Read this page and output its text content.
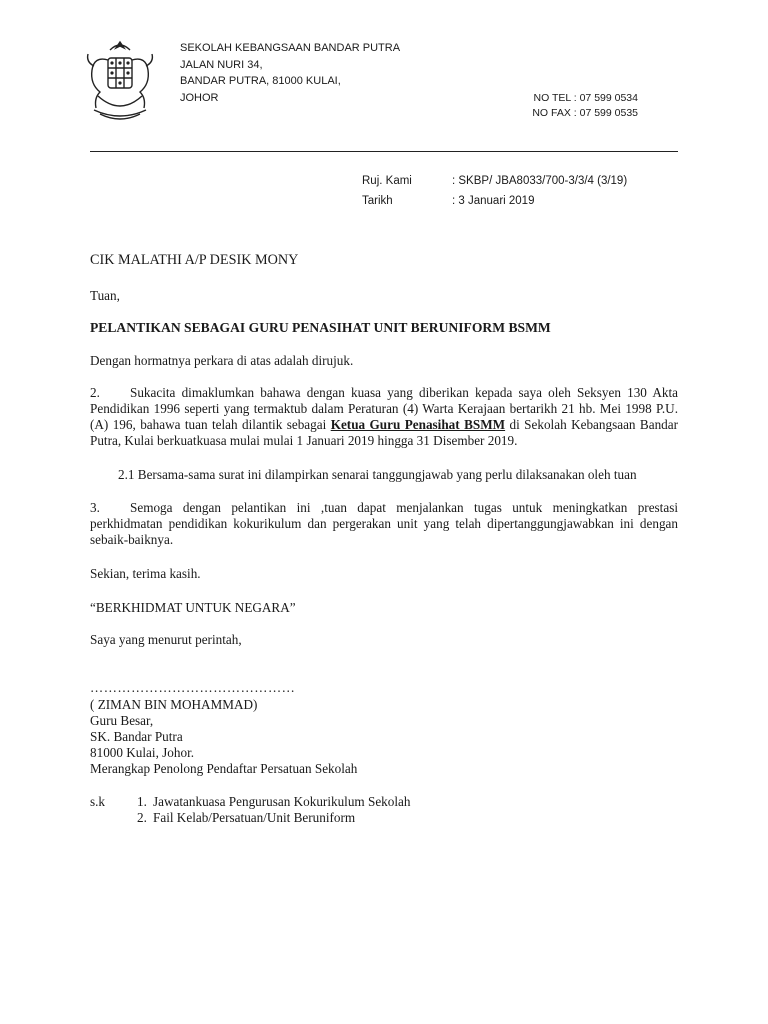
SEKOLAH KEBANGSAAN BANDAR PUTRA
JALAN NURI 34,
BANDAR PUTRA, 81000 KULAI,
JOHOR	NO TEL : 07 599 0534
NO FAX : 07 599 0535
Ruj. Kami	: SKBP/ JBA8033/700-3/3/4 (3/19)
Tarikh	: 3 Januari 2019
CIK MALATHI A/P DESIK MONY
Tuan,
PELANTIKAN SEBAGAI GURU PENASIHAT UNIT BERUNIFORM BSMM
Dengan hormatnya perkara di atas adalah dirujuk.
2. Sukacita dimaklumkan bahawa dengan kuasa yang diberikan kepada saya oleh Seksyen 130 Akta Pendidikan 1996 seperti yang termaktub dalam Peraturan (4) Warta Kerajaan bertarikh 21 hb. Mei 1998 P.U.(A) 196, bahawa tuan telah dilantik sebagai Ketua Guru Penasihat BSMM di Sekolah Kebangsaan Bandar Putra, Kulai berkuatkuasa mulai mulai 1 Januari 2019 hingga 31 Disember 2019.
2.1 Bersama-sama surat ini dilampirkan senarai tanggungjawab yang perlu dilaksanakan oleh tuan
3. Semoga dengan pelantikan ini ,tuan dapat menjalankan tugas untuk meningkatkan prestasi perkhidmatan pendidikan kokurikulum dan pergerakan unit yang telah dipertanggungjawabkan ini dengan sebaik-baiknya.
Sekian, terima kasih.
“BERKHIDMAT UNTUK NEGARA”
Saya yang menurut perintah,
………………………………………
( ZIMAN BIN MOHAMMAD)
Guru Besar,
SK. Bandar Putra
81000 Kulai, Johor.
Merangkap Penolong Pendaftar Persatuan Sekolah
s.k	1. Jawatankuasa Pengurusan Kokurikulum Sekolah
2. Fail Kelab/Persatuan/Unit Beruniform
